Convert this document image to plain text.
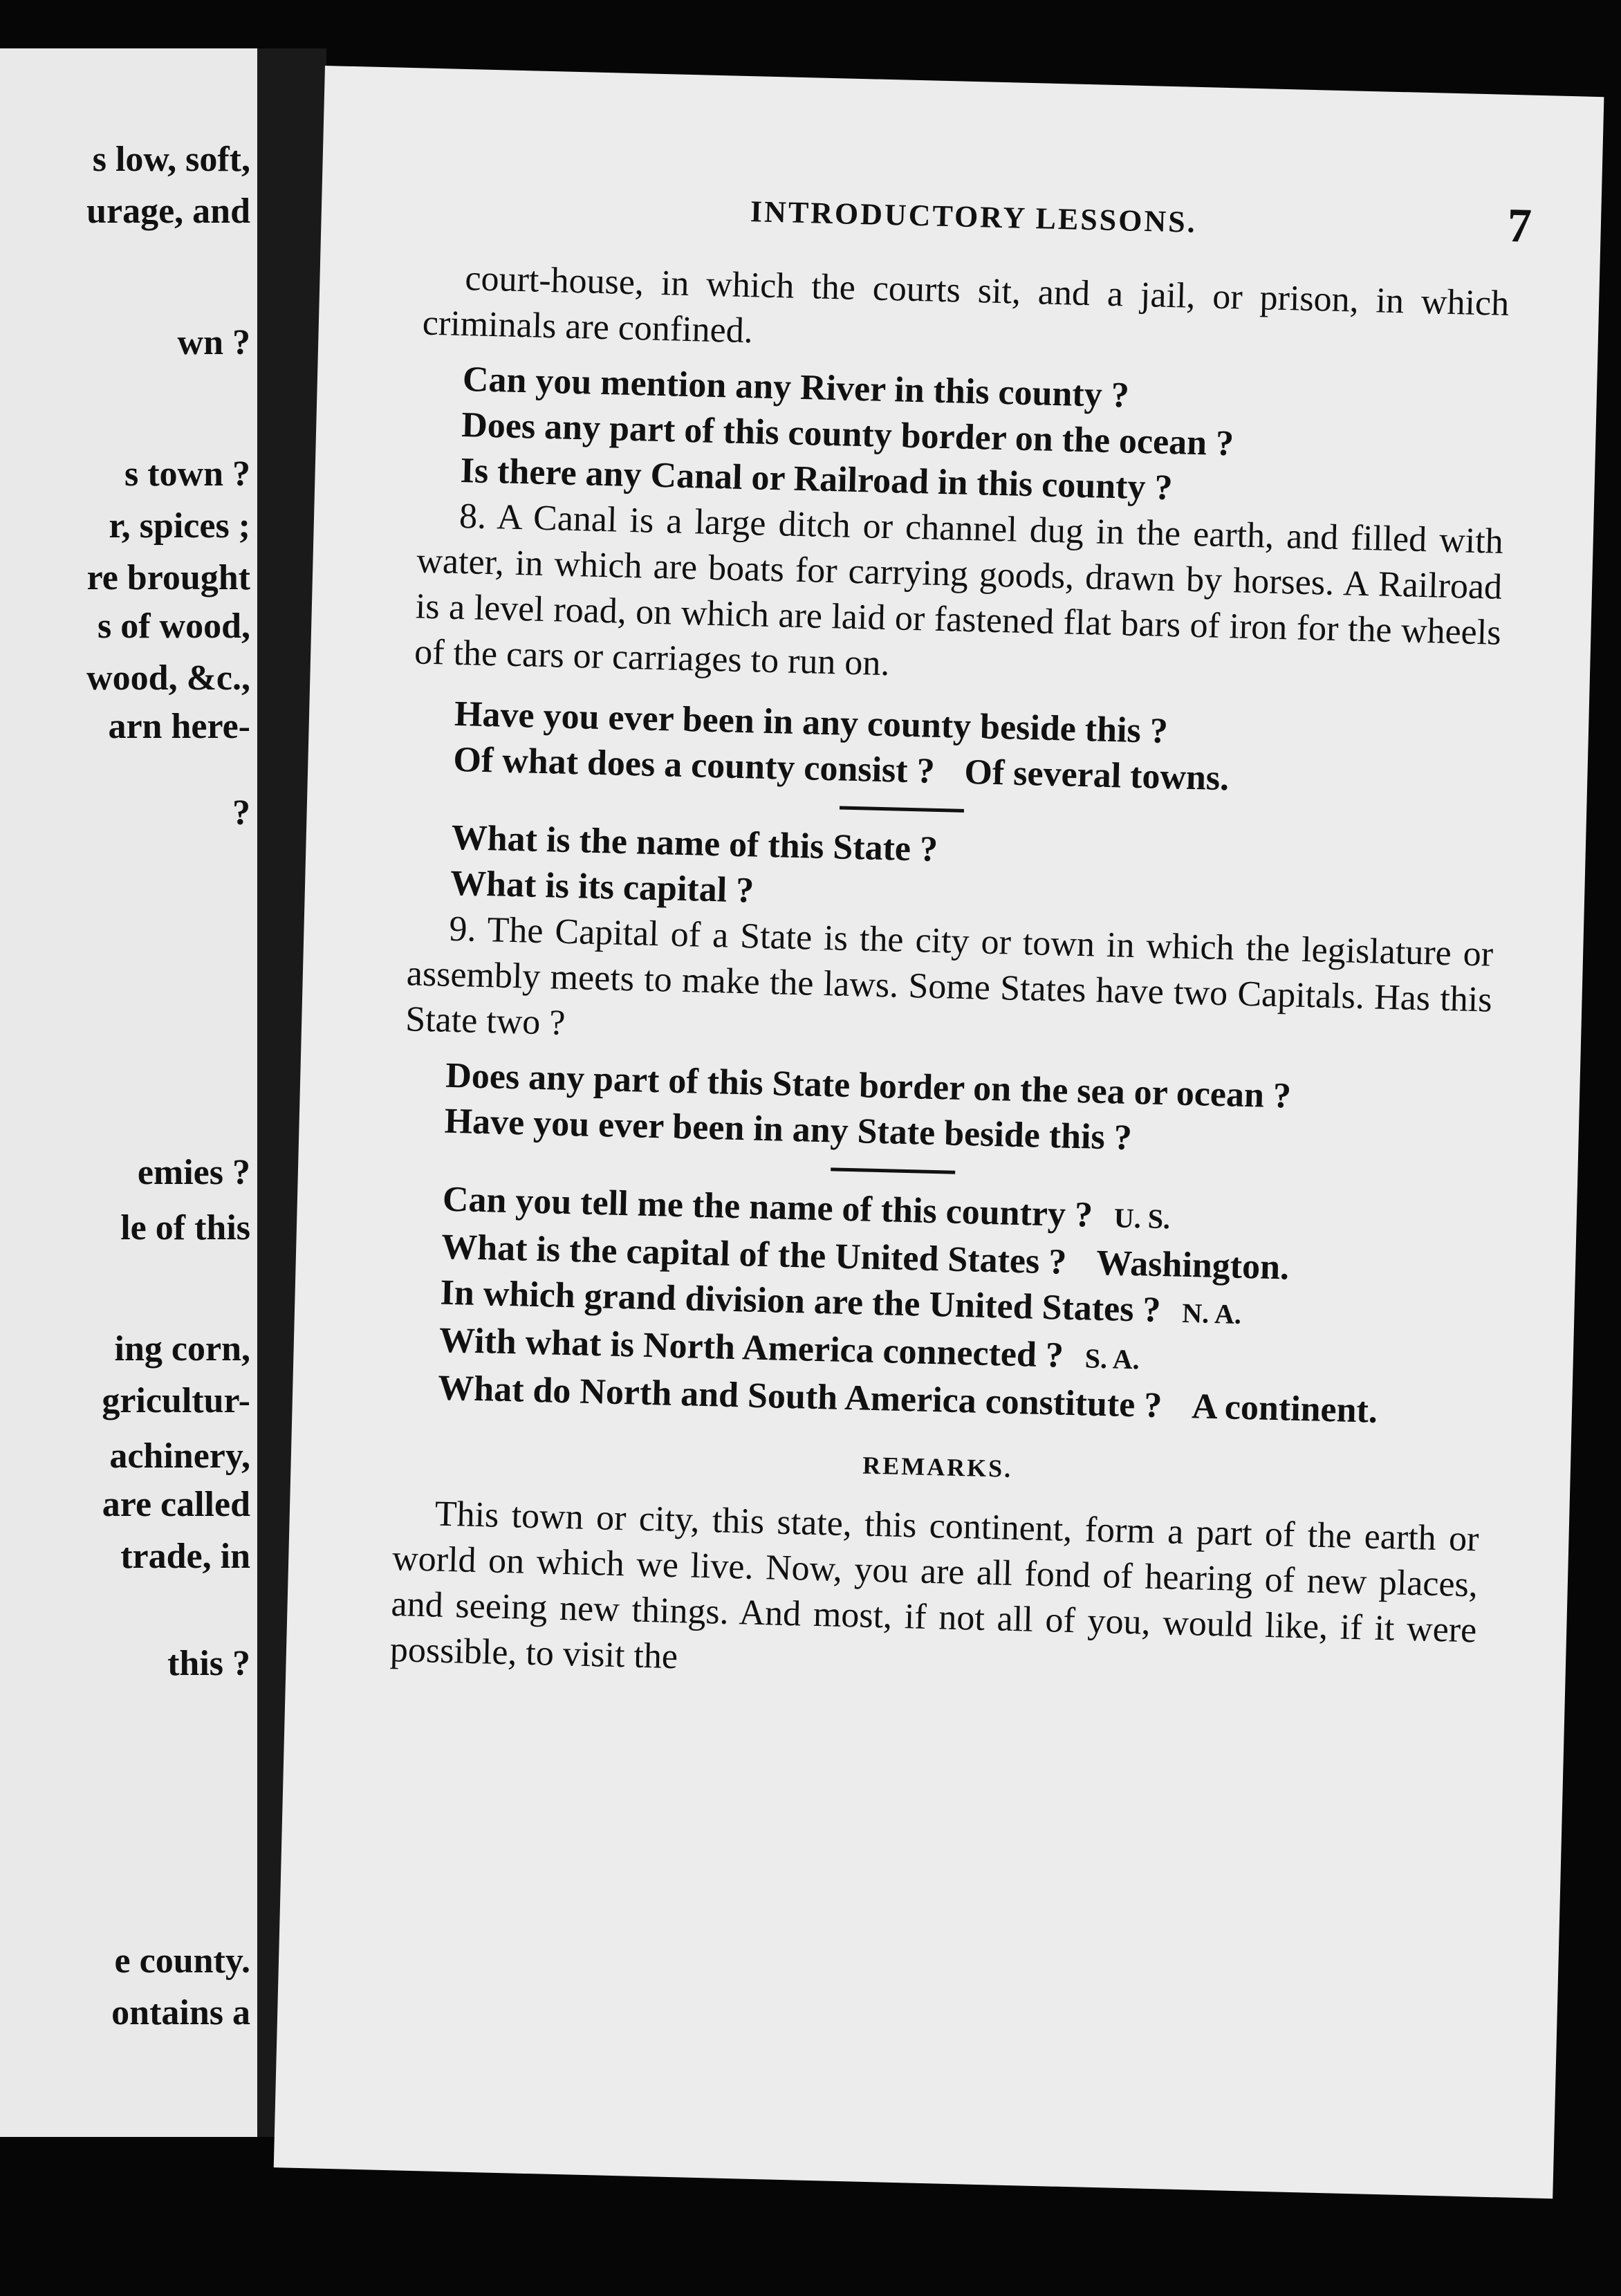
s low, soft,
urage, and
wn ?
s town ?
r, spices ;
re brought
s of wood,
wood, &c.,
arn here-
?
emies ?
le of this
ing corn,
gricultur-
achinery,
are called
trade, in
this ?
e county.
ontains a
INTRODUCTORY LESSONS.	7

court-house, in which the courts sit, and a jail, or prison, in which criminals are confined.

Can you mention any River in this county ?

Does any part of this county border on the ocean ?

Is there any Canal or Railroad in this county ?

8. A Canal is a large ditch or channel dug in the earth, and filled with water, in which are boats for carrying goods, drawn by horses. A Railroad is a level road, on which are laid or fastened flat bars of iron for the wheels of the cars or carriages to run on.

Have you ever been in any county beside this ?

Of what does a county consist ? Of several towns.

What is the name of this State ?

What is its capital ?

9. The Capital of a State is the city or town in which the legislature or assembly meets to make the laws. Some States have two Capitals. Has this State two ?

Does any part of this State border on the sea or ocean ?

Have you ever been in any State beside this ?

Can you tell me the name of this country ? U. S.

What is the capital of the United States ? Washington.

In which grand division are the United States ? N. A.

With what is North America connected ? S. A.

What do North and South America constitute ? A continent.

REMARKS.

This town or city, this state, this continent, form a part of the earth or world on which we live. Now, you are all fond of hearing of new places, and seeing new things. And most, if not all of you, would like, if it were possible, to visit the
